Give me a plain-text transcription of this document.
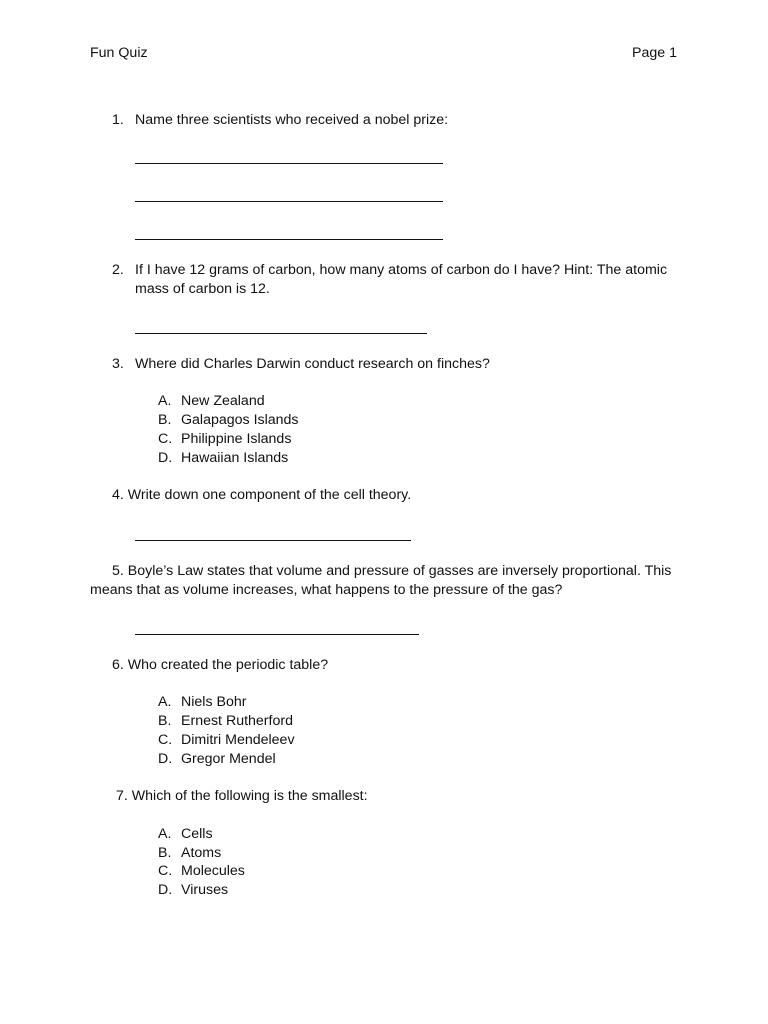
Fun Quiz	Page 1
1. Name three scientists who received a nobel prize:
2. If I have 12 grams of carbon, how many atoms of carbon do I have? Hint: The atomic
mass of carbon is 12.
3. Where did Charles Darwin conduct research on finches?
A. New Zealand
B. Galapagos Islands
C. Philippine Islands
D. Hawaiian Islands
4. Write down one component of the cell theory.
5. Boyle’s Law states that volume and pressure of gasses are inversely proportional. This
means that as volume increases, what happens to the pressure of the gas?
6. Who created the periodic table?
A. Niels Bohr
B. Ernest Rutherford
C. Dimitri Mendeleev
D. Gregor Mendel
7. Which of the following is the smallest:
A. Cells
B. Atoms
C. Molecules
D. Viruses
